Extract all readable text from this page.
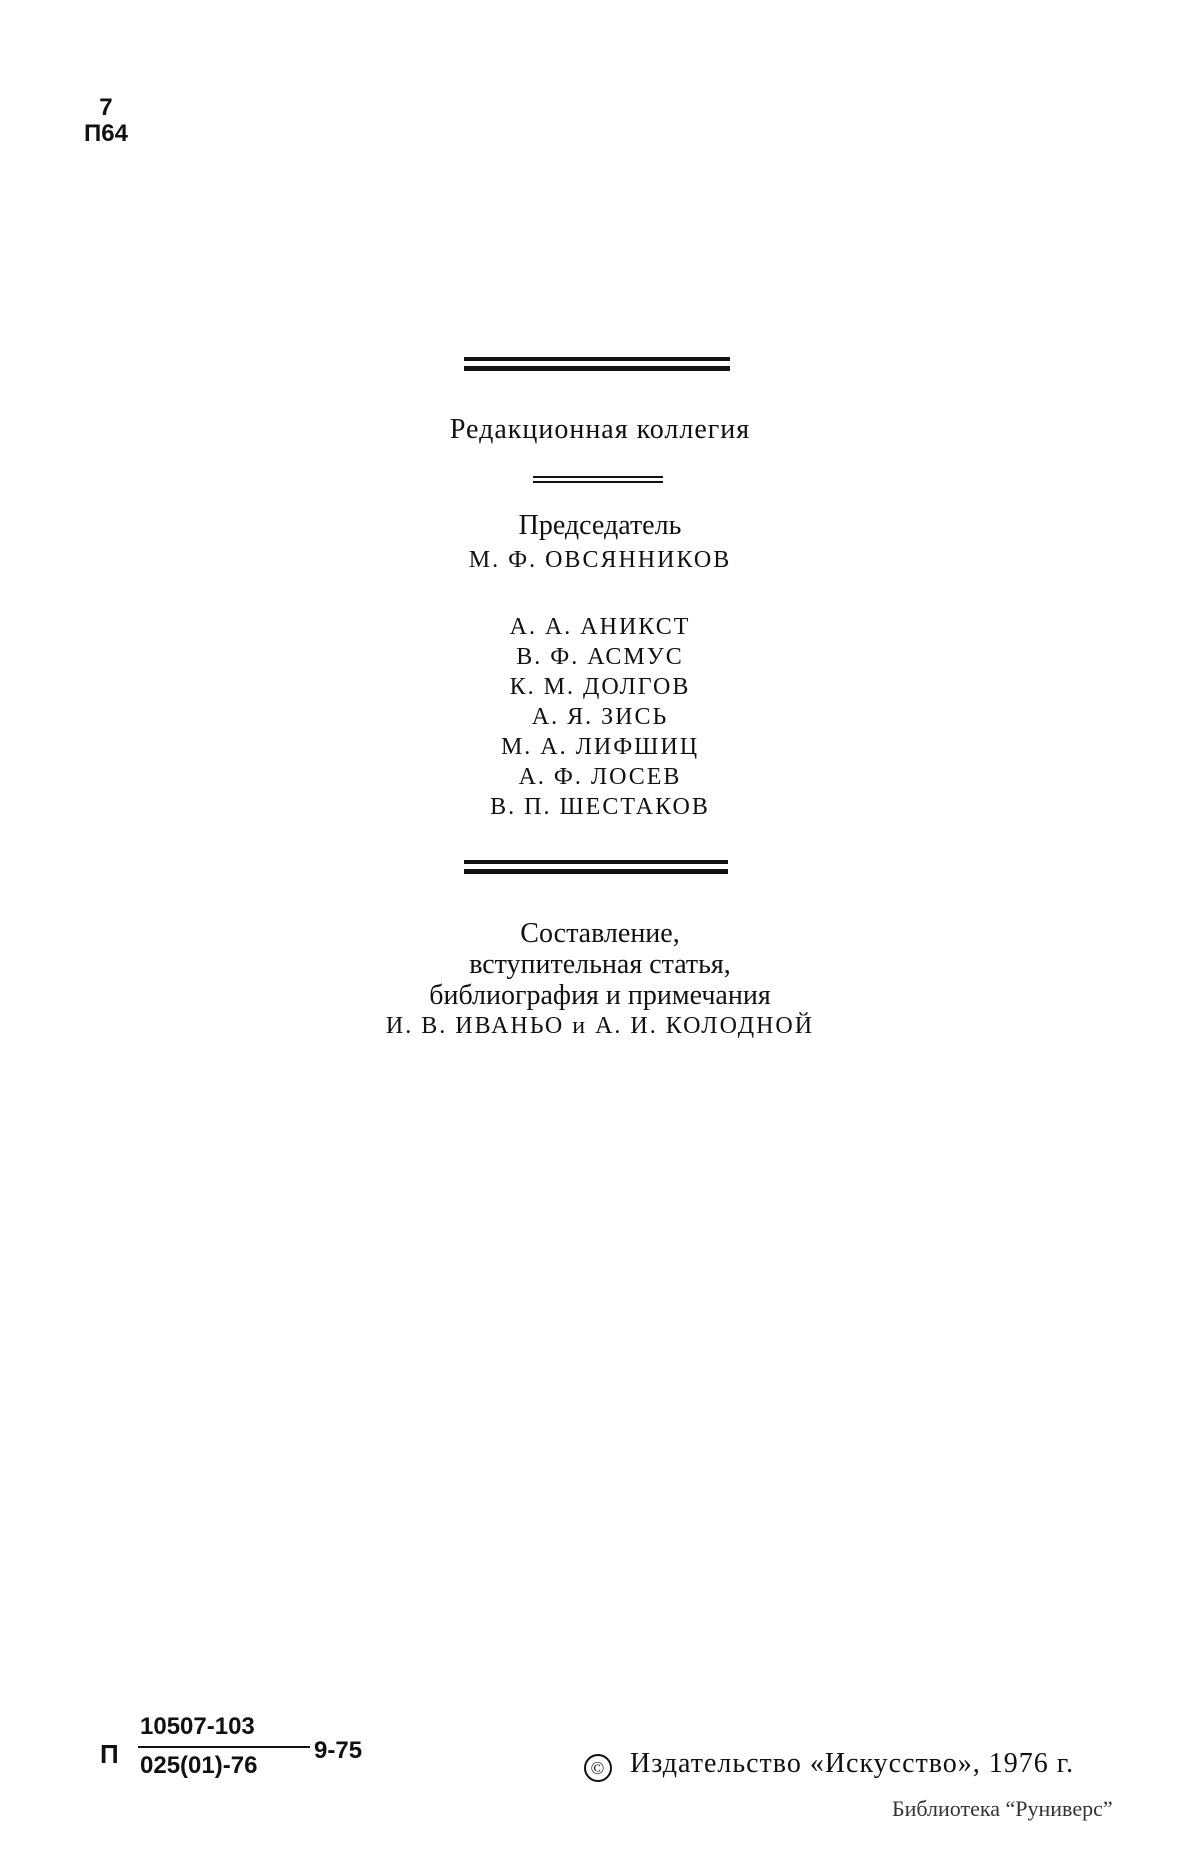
7
П64
Редакционная коллегия
Председатель
М. Ф. ОВСЯННИКОВ
А. А. АНИКСТ
В. Ф. АСМУС
К. М. ДОЛГОВ
А. Я. ЗИСЬ
М. А. ЛИФШИЦ
А. Ф. ЛОСЕВ
В. П. ШЕСТАКОВ
Составление,
вступительная статья,
библиография и примечания
И. В. ИВАНЬО и А. И. КОЛОДНОЙ
П
10507-103
025(01)-76
9-75
© Издательство «Искусство», 1976 г.
Библиотека “Руниверс”
